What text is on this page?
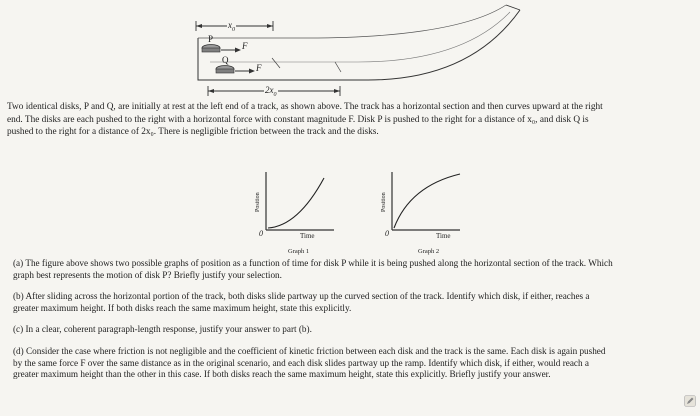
$x_0$
P
Q
F
F
$2x_0$
Two identical disks, P and Q, are initially at rest at the left end of a track, as shown above. The track has a horizontal section and then curves upward at the right
end. The disks are each pushed to the right with a horizontal force with constant magnitude F. Disk P is pushed to the right for a distance of x₀, and disk Q is
pushed to the right for a distance of 2x₀. There is negligible friction between the track and the disks.
Position
0	Time
Graph 1
Position
0	Time
Graph 2
(a) The figure above shows two possible graphs of position as a function of time for disk P while it is being pushed along the horizontal section of the track. Which
graph best represents the motion of disk P? Briefly justify your selection.
(b) After sliding across the horizontal portion of the track, both disks slide partway up the curved section of the track. Identify which disk, if either, reaches a
greater maximum height. If both disks reach the same maximum height, state this explicitly.
(c) In a clear, coherent paragraph-length response, justify your answer to part (b).
(d) Consider the case where friction is not negligible and the coefficient of kinetic friction between each disk and the track is the same. Each disk is again pushed
by the same force F over the same distance as in the original scenario, and each disk slides partway up the ramp. Identify which disk, if either, would reach a
greater maximum height than the other in this case. If both disks reach the same maximum height, state this explicitly. Briefly justify your answer.
